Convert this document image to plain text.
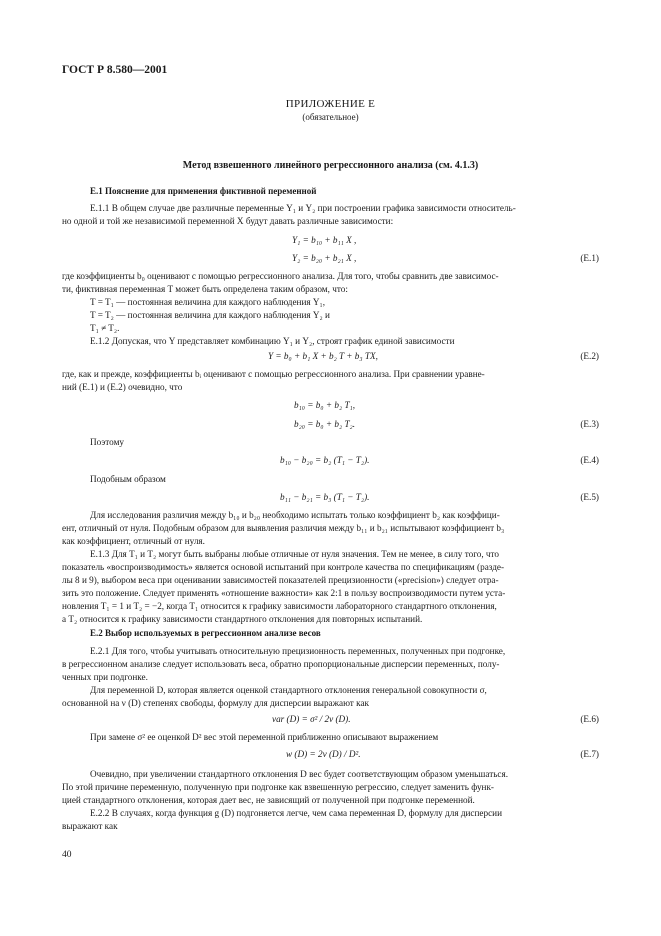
ГОСТ Р 8.580—2001
ПРИЛОЖЕНИЕ Е
(обязательное)
Метод взвешенного линейного регрессионного анализа (см. 4.1.3)
Е.1 Пояснение для применения фиктивной переменной
Е.1.1 В общем случае две различные переменные Y₁ и Y₂ при построении графика зависимости относитель-
но одной и той же независимой переменной X будут давать различные зависимости:
Y₁ = b₁₀ + b₁₁ X ,
Y₂ = b₂₀ + b₂₁ X ,	(Е.1)
где коэффициенты b₀ оценивают с помощью регрессионного анализа. Для того, чтобы сравнить две зависимос-
ти, фиктивная переменная T может быть определена таким образом, что:
T = T₁ — постоянная величина для каждого наблюдения Y₁,
T = T₂ — постоянная величина для каждого наблюдения Y₂ и
T₁ ≠ T₂.
Е.1.2 Допуская, что Y представляет комбинацию Y₁ и Y₂, строят график единой зависимости
Y = b₀ + b₁ X + b₂ T + b₃ TX,	(Е.2)
где, как и прежде, коэффициенты bᵢ оценивают с помощью регрессионного анализа. При сравнении уравне-
ний (Е.1) и (Е.2) очевидно, что
b₁₀ = b₀ + b₂ T₁,
b₂₀ = b₀ + b₂ T₂.	(Е.3)
Поэтому
b₁₀ − b₂₀ = b₂ (T₁ − T₂).	(Е.4)
Подобным образом
b₁₁ − b₂₁ = b₃ (T₁ − T₂).	(Е.5)
Для исследования различия между b₁₀ и b₂₀ необходимо испытать только коэффициент b₂ как коэффици-
ент, отличный от нуля. Подобным образом для выявления различия между b₁₁ и b₂₁ испытывают коэффициент b₃
как коэффициент, отличный от нуля.
Е.1.3 Для T₁ и T₂ могут быть выбраны любые отличные от нуля значения. Тем не менее, в силу того, что
показатель «воспроизводимость» является основой испытаний при контроле качества по спецификациям (разде-
лы 8 и 9), выбором веса при оценивании зависимостей показателей прецизионности («precision») следует отра-
зить это положение. Следует применять «отношение важности» как 2:1 в пользу воспроизводимости путем уста-
новления T₁ = 1 и T₂ = −2, когда T₁ относится к графику зависимости лабораторного стандартного отклонения,
а T₂ относится к графику зависимости стандартного отклонения для повторных испытаний.
Е.2 Выбор используемых в регрессионном анализе весов
Е.2.1 Для того, чтобы учитывать относительную прецизионность переменных, полученных при подгонке,
в регрессионном анализе следует использовать веса, обратно пропорциональные дисперсии переменных, полу-
ченных при подгонке.
Для переменной D, которая является оценкой стандартного отклонения генеральной совокупности σ,
основанной на ν (D) степенях свободы, формулу для дисперсии выражают как
var (D) = σ² / 2ν (D).	(Е.6)
При замене σ² ее оценкой D² вес этой переменной приближенно описывают выражением
w (D) = 2ν (D) / D².	(Е.7)
Очевидно, при увеличении стандартного отклонения D вес будет соответствующим образом уменьшаться.
По этой причине переменную, полученную при подгонке как взвешенную регрессию, следует заменить функ-
цией стандартного отклонения, которая дает вес, не зависящий от полученной при подгонке переменной.
Е.2.2 В случаях, когда функция g (D) подгоняется легче, чем сама переменная D, формулу для дисперсии
выражают как
40
